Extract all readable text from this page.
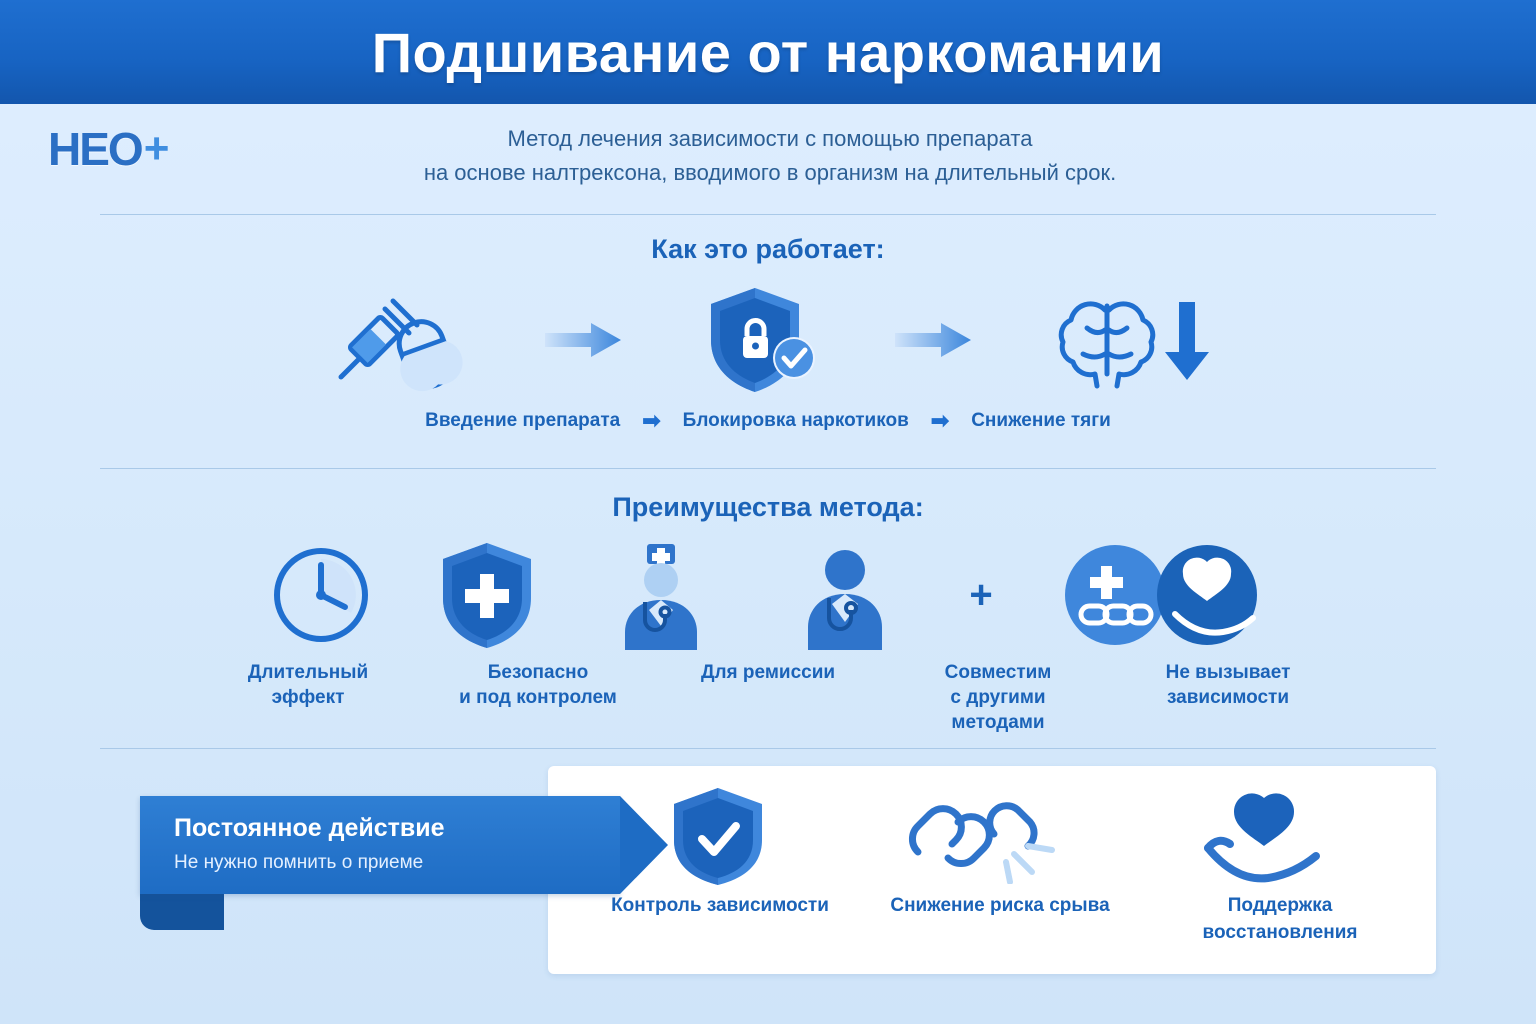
Подшивание от наркомании
НЕО +	Метод лечения зависимости с помощью препарата
на основе налтрексона, вводимого в организм на длительный срок.
Как это работает:
Введение препарата ➡ Блокировка наркотиков ➡ Снижение тяги
Преимущества метода:
+
Длительный эффект
Безопасно
и под контролем
Для ремиссии	Совместим
с другими
методами
Не вызывает
зависимости
Постоянное действие
Не нужно помнить о приеме
Контроль зависимости	Снижение риска срыва	Поддержка
восстановления
